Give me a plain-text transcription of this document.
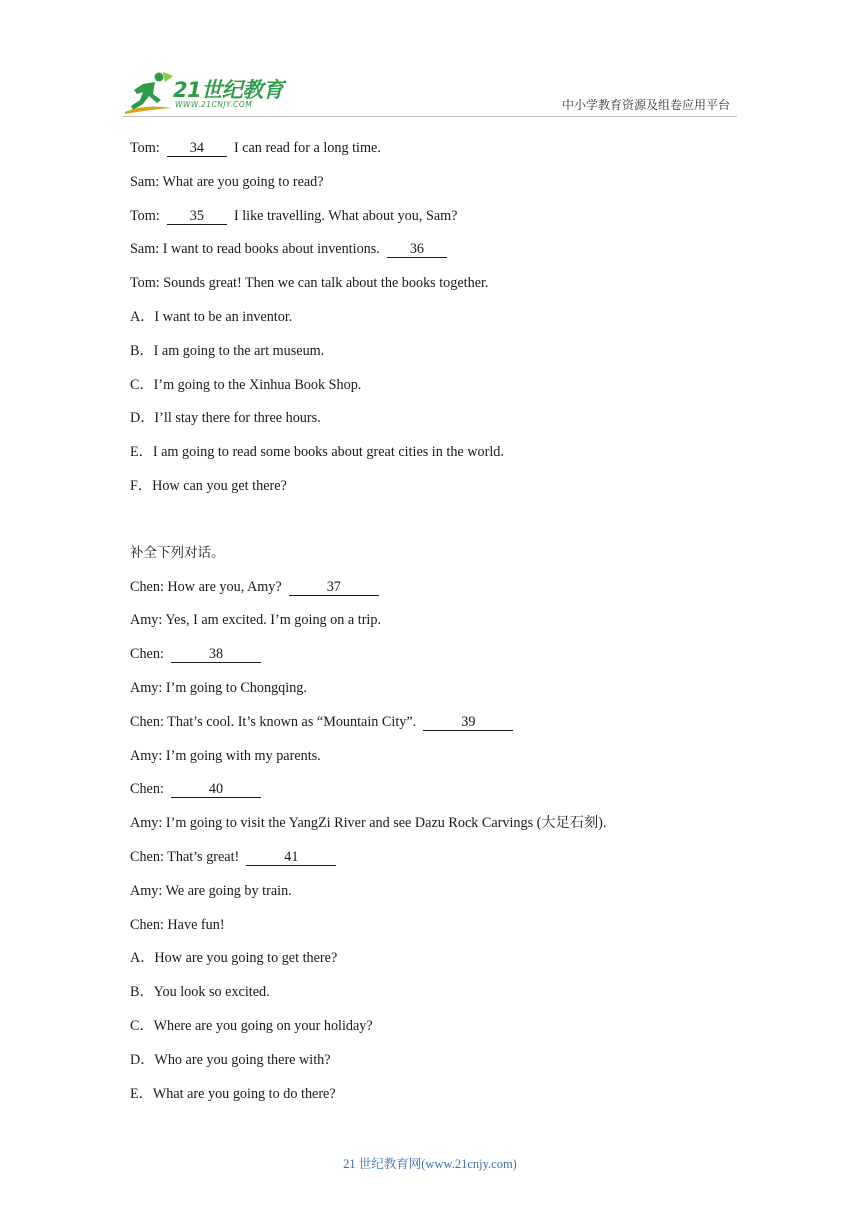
21世纪教育
WWW.21CNJY.COM	中小学教育资源及组卷应用平台
Tom:  34  I can read for a long time.
Sam: What are you going to read?
Tom:  35  I like travelling. What about you, Sam?
Sam: I want to read books about inventions.  36
Tom: Sounds great! Then we can talk about the books together.
A．I want to be an inventor.
B．I am going to the art museum.
C．I’m going to the Xinhua Book Shop.
D．I’ll stay there for three hours.
E．I am going to read some books about great cities in the world.
F．How can you get there?
补全下列对话。
Chen: How are you, Amy?	37
Amy: Yes, I am excited. I’m going on a trip.
Chen:	38
Amy: I’m going to Chongqing.
Chen: That’s cool. It’s known as “Mountain City”.	39
Amy: I’m going with my parents.
Chen:	40
Amy: I’m going to visit the YangZi River and see Dazu Rock Carvings (大足石刻).
Chen: That’s great!	41
Amy: We are going by train.
Chen: Have fun!
A．How are you going to get there?
B．You look so excited.
C．Where are you going on your holiday?
D．Who are you going there with?
E．What are you going to do there?
21 世纪教育网(www.21cnjy.com)
